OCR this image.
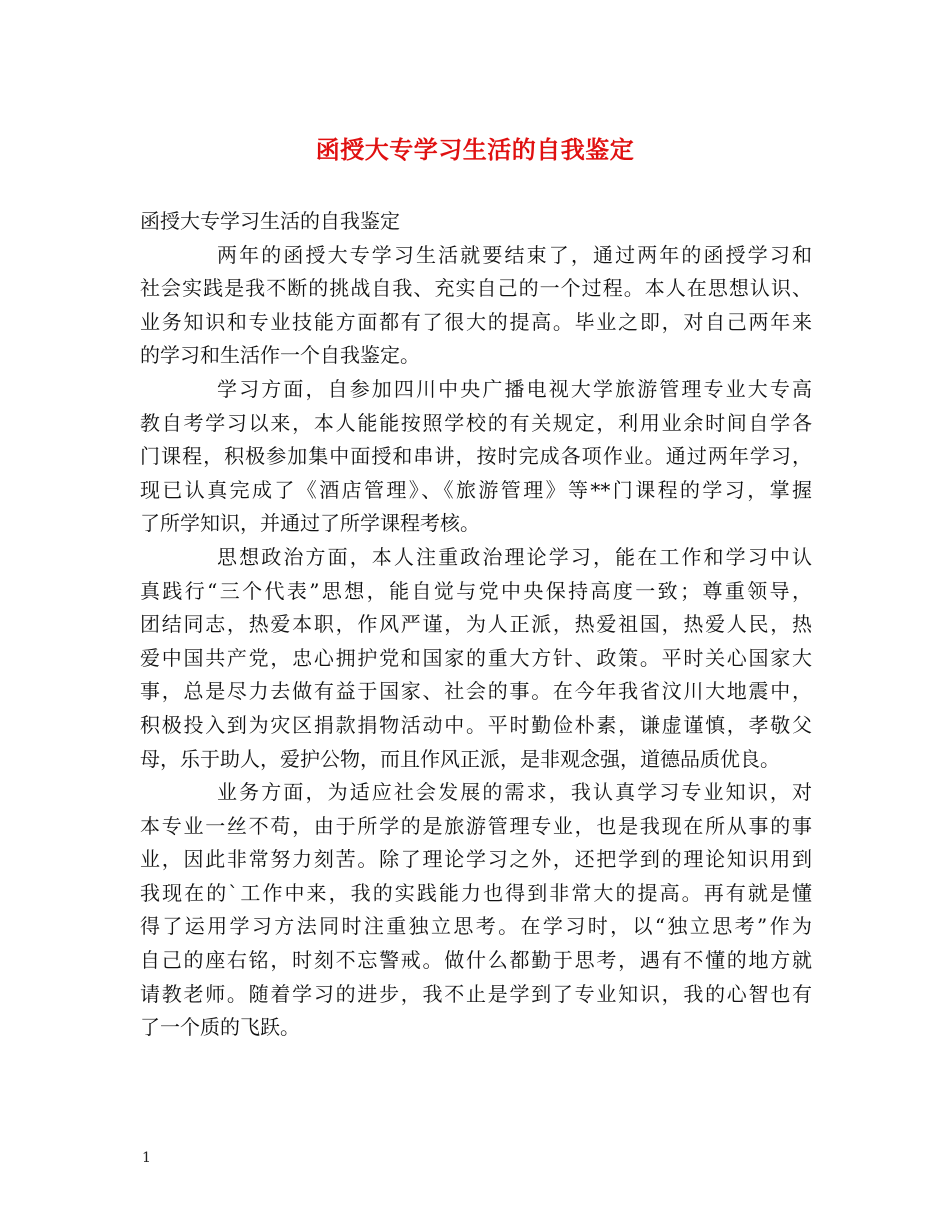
函授大专学习生活的自我鉴定
函授大专学习生活的自我鉴定
两年的函授大专学习生活就要结束了，通过两年的函授学习和
社会实践是我不断的挑战自我、充实自己的一个过程。本人在思想认识、
业务知识和专业技能方面都有了很大的提高。毕业之即，对自己两年来
的学习和生活作一个自我鉴定。
学习方面，自参加四川中央广播电视大学旅游管理专业大专高
教自考学习以来，本人能能按照学校的有关规定，利用业余时间自学各
门课程，积极参加集中面授和串讲，按时完成各项作业。通过两年学习，
现已认真完成了《酒店管理》、《旅游管理》等**门课程的学习，掌握
了所学知识，并通过了所学课程考核。
思想政治方面，本人注重政治理论学习，能在工作和学习中认
真践行“三个代表”思想，能自觉与党中央保持高度一致；尊重领导，
团结同志，热爱本职，作风严谨，为人正派，热爱祖国，热爱人民，热
爱中国共产党，忠心拥护党和国家的重大方针、政策。平时关心国家大
事，总是尽力去做有益于国家、社会的事。在今年我省汶川大地震中，
积极投入到为灾区捐款捐物活动中。平时勤俭朴素，谦虚谨慎，孝敬父
母，乐于助人，爱护公物，而且作风正派，是非观念强，道德品质优良。
业务方面，为适应社会发展的需求，我认真学习专业知识，对
本专业一丝不苟，由于所学的是旅游管理专业，也是我现在所从事的事
业，因此非常努力刻苦。除了理论学习之外，还把学到的理论知识用到
我现在的`工作中来，我的实践能力也得到非常大的提高。再有就是懂
得了运用学习方法同时注重独立思考。在学习时，以“独立思考”作为
自己的座右铭，时刻不忘警戒。做什么都勤于思考，遇有不懂的地方就
请教老师。随着学习的进步，我不止是学到了专业知识，我的心智也有
了一个质的飞跃。
1
